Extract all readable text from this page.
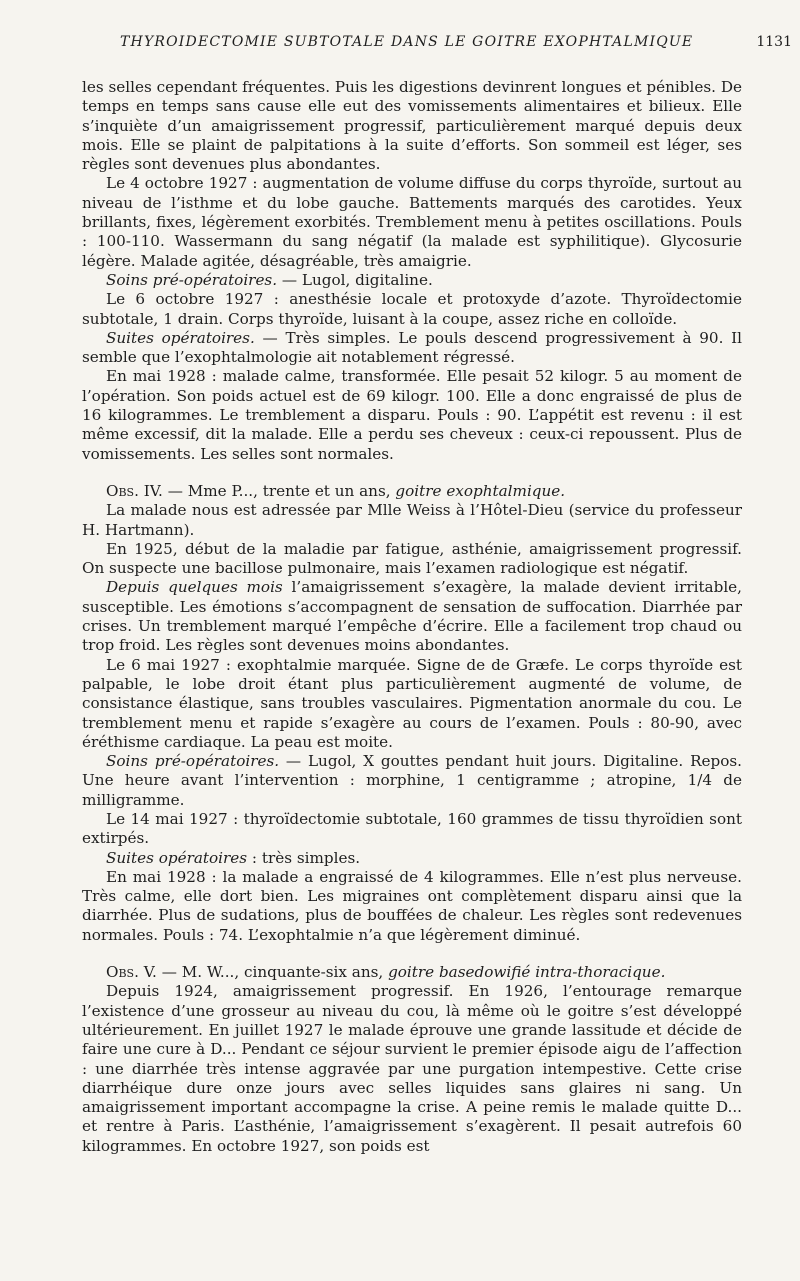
THYROIDECTOMIE SUBTOTALE DANS LE GOITRE EXOPHTALMIQUE	1131

les selles cependant fréquentes. Puis les digestions devinrent longues et pénibles. De temps en temps sans cause elle eut des vomissements alimentaires et bilieux. Elle s’inquiète d’un amaigrissement progressif, particulièrement marqué depuis deux mois. Elle se plaint de palpitations à la suite d’efforts. Son sommeil est léger, ses règles sont devenues plus abondantes.

Le 4 octobre 1927 : augmentation de volume diffuse du corps thyroïde, surtout au niveau de l’isthme et du lobe gauche. Battements marqués des carotides. Yeux brillants, fixes, légèrement exorbités. Tremblement menu à petites oscillations. Pouls : 100-110. Wassermann du sang négatif (la malade est syphilitique). Glycosurie légère. Malade agitée, désagréable, très amaigrie.

Soins pré-opératoires. — Lugol, digitaline.

Le 6 octobre 1927 : anesthésie locale et protoxyde d’azote. Thyroïdectomie subtotale, 1 drain. Corps thyroïde, luisant à la coupe, assez riche en colloïde.

Suites opératoires. — Très simples. Le pouls descend progressivement à 90. Il semble que l’exophtalmologie ait notablement régressé.

En mai 1928 : malade calme, transformée. Elle pesait 52 kilogr. 5 au moment de l’opération. Son poids actuel est de 69 kilogr. 100. Elle a donc engraissé de plus de 16 kilogrammes. Le tremblement a disparu. Pouls : 90. L’appétit est revenu : il est même excessif, dit la malade. Elle a perdu ses cheveux : ceux-ci repoussent. Plus de vomissements. Les selles sont normales.

Obs. IV. — Mme P..., trente et un ans, goitre exophtalmique.

La malade nous est adressée par Mlle Weiss à l’Hôtel-Dieu (service du professeur H. Hartmann).

En 1925, début de la maladie par fatigue, asthénie, amaigrissement progressif. On suspecte une bacillose pulmonaire, mais l’examen radiologique est négatif.

Depuis quelques mois l’amaigrissement s’exagère, la malade devient irritable, susceptible. Les émotions s’accompagnent de sensation de suffocation. Diarrhée par crises. Un tremblement marqué l’empêche d’écrire. Elle a facilement trop chaud ou trop froid. Les règles sont devenues moins abondantes.

Le 6 mai 1927 : exophtalmie marquée. Signe de de Græfe. Le corps thyroïde est palpable, le lobe droit étant plus particulièrement augmenté de volume, de consistance élastique, sans troubles vasculaires. Pigmentation anormale du cou. Le tremblement menu et rapide s’exagère au cours de l’examen. Pouls : 80-90, avec éréthisme cardiaque. La peau est moite.

Soins pré-opératoires. — Lugol, X gouttes pendant huit jours. Digitaline. Repos. Une heure avant l’intervention : morphine, 1 centigramme ; atropine, 1/4 de milligramme.

Le 14 mai 1927 : thyroïdectomie subtotale, 160 grammes de tissu thyroïdien sont extirpés.

Suites opératoires : très simples.

En mai 1928 : la malade a engraissé de 4 kilogrammes. Elle n’est plus nerveuse. Très calme, elle dort bien. Les migraines ont complètement disparu ainsi que la diarrhée. Plus de sudations, plus de bouffées de chaleur. Les règles sont redevenues normales. Pouls : 74. L’exophtalmie n’a que légèrement diminué.

Obs. V. — M. W..., cinquante-six ans, goitre basedowifié intra-thoracique.

Depuis 1924, amaigrissement progressif. En 1926, l’entourage remarque l’existence d’une grosseur au niveau du cou, là même où le goitre s’est développé ultérieurement. En juillet 1927 le malade éprouve une grande lassitude et décide de faire une cure à D... Pendant ce séjour survient le premier épisode aigu de l’affection : une diarrhée très intense aggravée par une purgation intempestive. Cette crise diarrhéique dure onze jours avec selles liquides sans glaires ni sang. Un amaigrissement important accompagne la crise. A peine remis le malade quitte D... et rentre à Paris. L’asthénie, l’amaigrissement s’exagèrent. Il pesait autrefois 60 kilogrammes. En octobre 1927, son poids est
